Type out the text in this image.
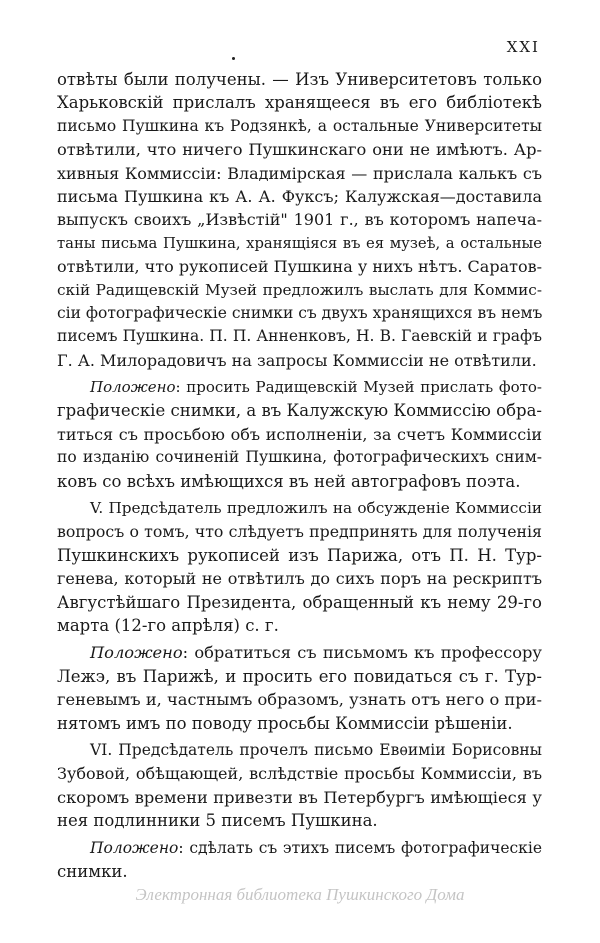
XXI
отвѣты были получены. — Изъ Университетовъ только
Харьковскій прислалъ хранящееся въ его библіотекѣ
письмо Пушкина къ Родзянкѣ, а остальные Университеты
отвѣтили, что ничего Пушкинскаго они не имѣютъ. Ар-
хивныя Коммиссіи: Владимірская — прислала калькъ съ
письма Пушкина къ А. А. Фуксъ; Калужская—доставила
выпускъ своихъ „Извѣстій" 1901 г., въ которомъ напеча-
таны письма Пушкина, хранящіяся въ ея музеѣ, а остальные
отвѣтили, что рукописей Пушкина у нихъ нѣтъ. Саратов-
скій Радищевскій Музей предложилъ выслать для Коммис-
сіи фотографическіе снимки съ двухъ хранящихся въ немъ
писемъ Пушкина. П. П. Анненковъ, Н. В. Гаевскій и графъ
Г. А. Милорадовичъ на запросы Коммиссіи не отвѣтили.
Положено: просить Радищевскій Музей прислать фото-
графическіе снимки, а въ Калужскую Коммиссію обра-
титься съ просьбою объ исполненіи, за счетъ Коммиссіи
по изданію сочиненій Пушкина, фотографическихъ сним-
ковъ со всѣхъ имѣющихся въ ней автографовъ поэта.
V. Предсѣдатель предложилъ на обсужденіе Коммиссіи
вопросъ о томъ, что слѣдуетъ предпринять для полученія
Пушкинскихъ рукописей изъ Парижа, отъ П. Н. Тур-
генева, который не отвѣтилъ до сихъ поръ на рескриптъ
Августѣйшаго Президента, обращенный къ нему 29-го
марта (12-го апрѣля) с. г.
Положено: обратиться съ письмомъ къ профессору
Лежэ, въ Парижѣ, и просить его повидаться съ г. Тур-
геневымъ и, частнымъ образомъ, узнать отъ него о при-
нятомъ имъ по поводу просьбы Коммиссіи рѣшеніи.
VI. Предсѣдатель прочелъ письмо Евѳиміи Борисовны
Зубовой, обѣщающей, вслѣдствіе просьбы Коммиссіи, въ
скоромъ времени привезти въ Петербургъ имѣющіеся у
нея подлинники 5 писемъ Пушкина.
Положено: сдѣлать съ этихъ писемъ фотографическіе
снимки.
Электронная библиотека Пушкинского Дома
